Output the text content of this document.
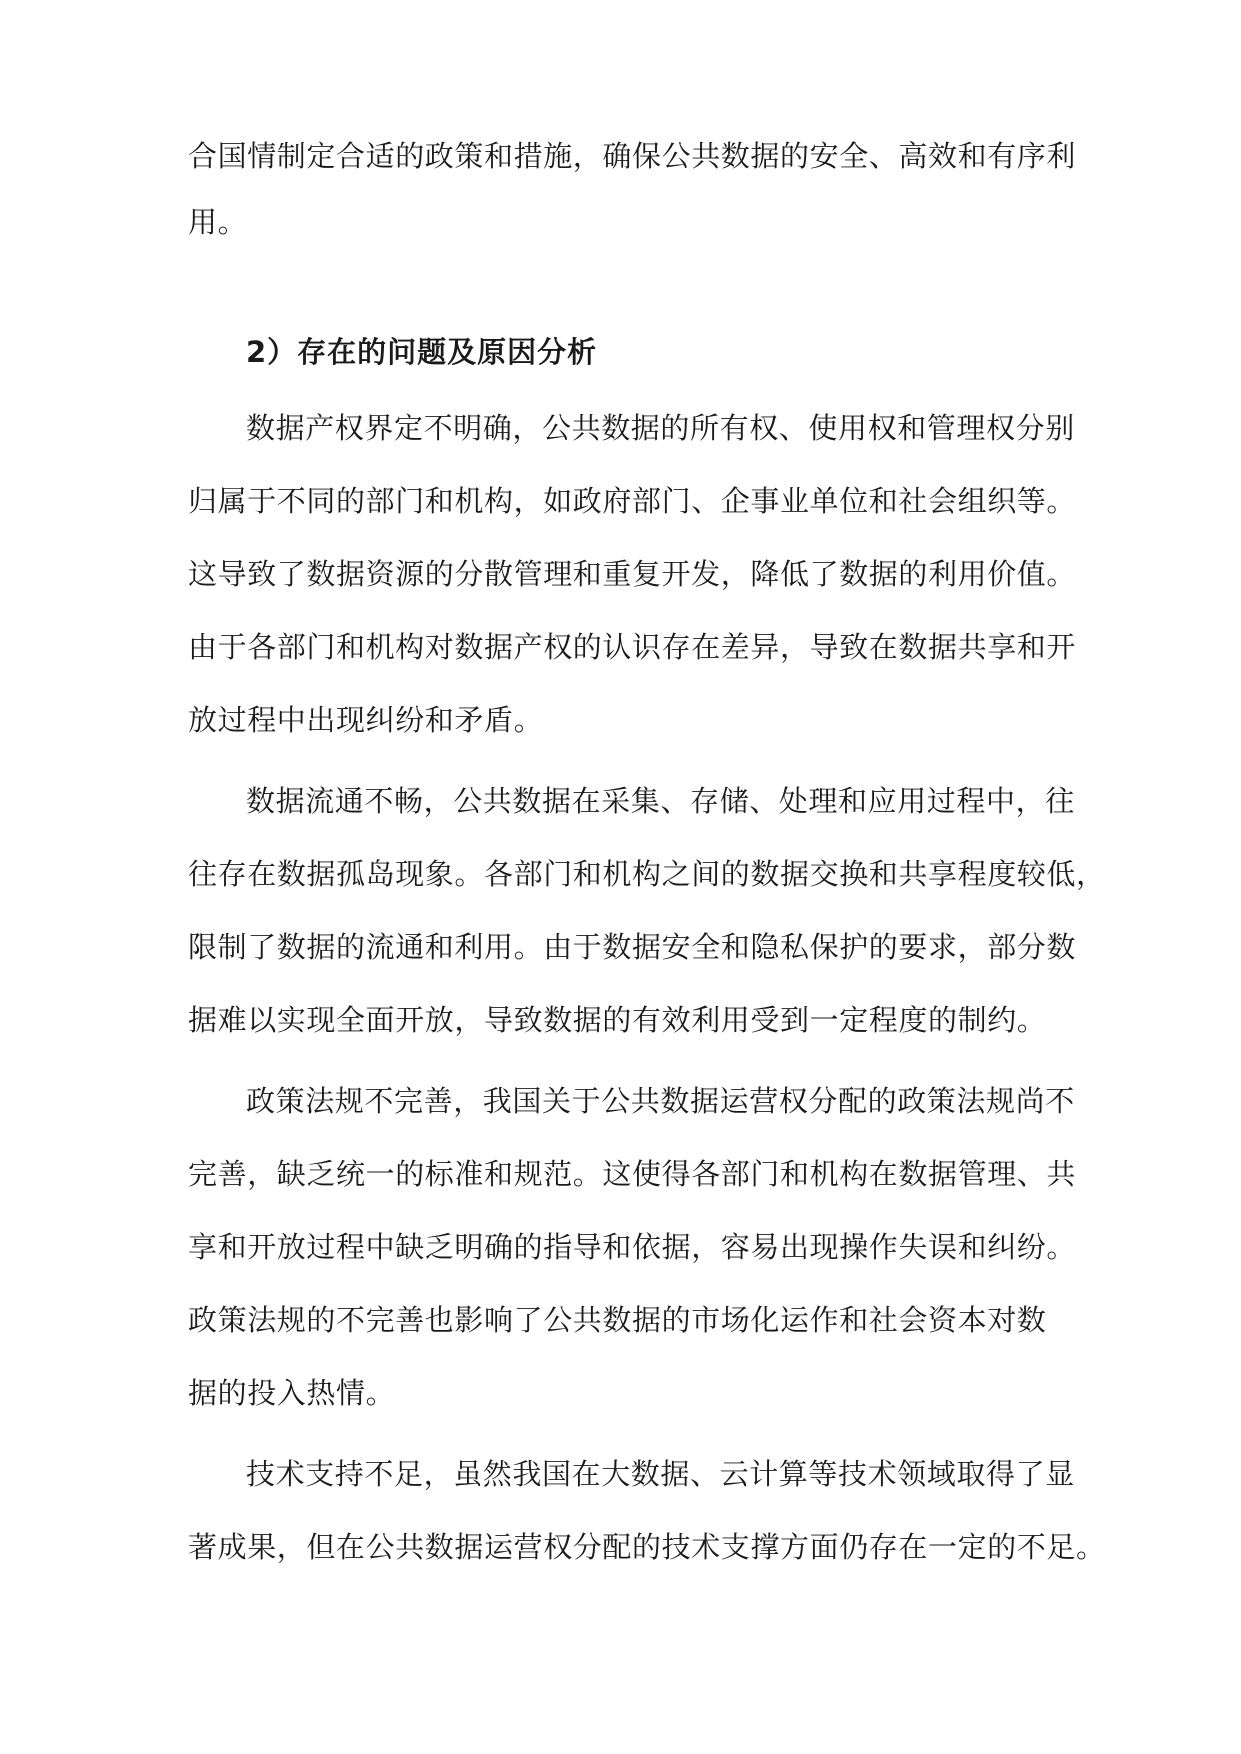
合国情制定合适的政策和措施，确保公共数据的安全、高效和有序利
用。
2）存在的问题及原因分析
数据产权界定不明确，公共数据的所有权、使用权和管理权分别
归属于不同的部门和机构，如政府部门、企事业单位和社会组织等。
这导致了数据资源的分散管理和重复开发，降低了数据的利用价值。
由于各部门和机构对数据产权的认识存在差异，导致在数据共享和开
放过程中出现纠纷和矛盾。
数据流通不畅，公共数据在采集、存储、处理和应用过程中，往
往存在数据孤岛现象。各部门和机构之间的数据交换和共享程度较低，
限制了数据的流通和利用。由于数据安全和隐私保护的要求，部分数
据难以实现全面开放，导致数据的有效利用受到一定程度的制约。
政策法规不完善，我国关于公共数据运营权分配的政策法规尚不
完善，缺乏统一的标准和规范。这使得各部门和机构在数据管理、共
享和开放过程中缺乏明确的指导和依据，容易出现操作失误和纠纷。
政策法规的不完善也影响了公共数据的市场化运作和社会资本对数
据的投入热情。
技术支持不足，虽然我国在大数据、云计算等技术领域取得了显
著成果，但在公共数据运营权分配的技术支撑方面仍存在一定的不足。
